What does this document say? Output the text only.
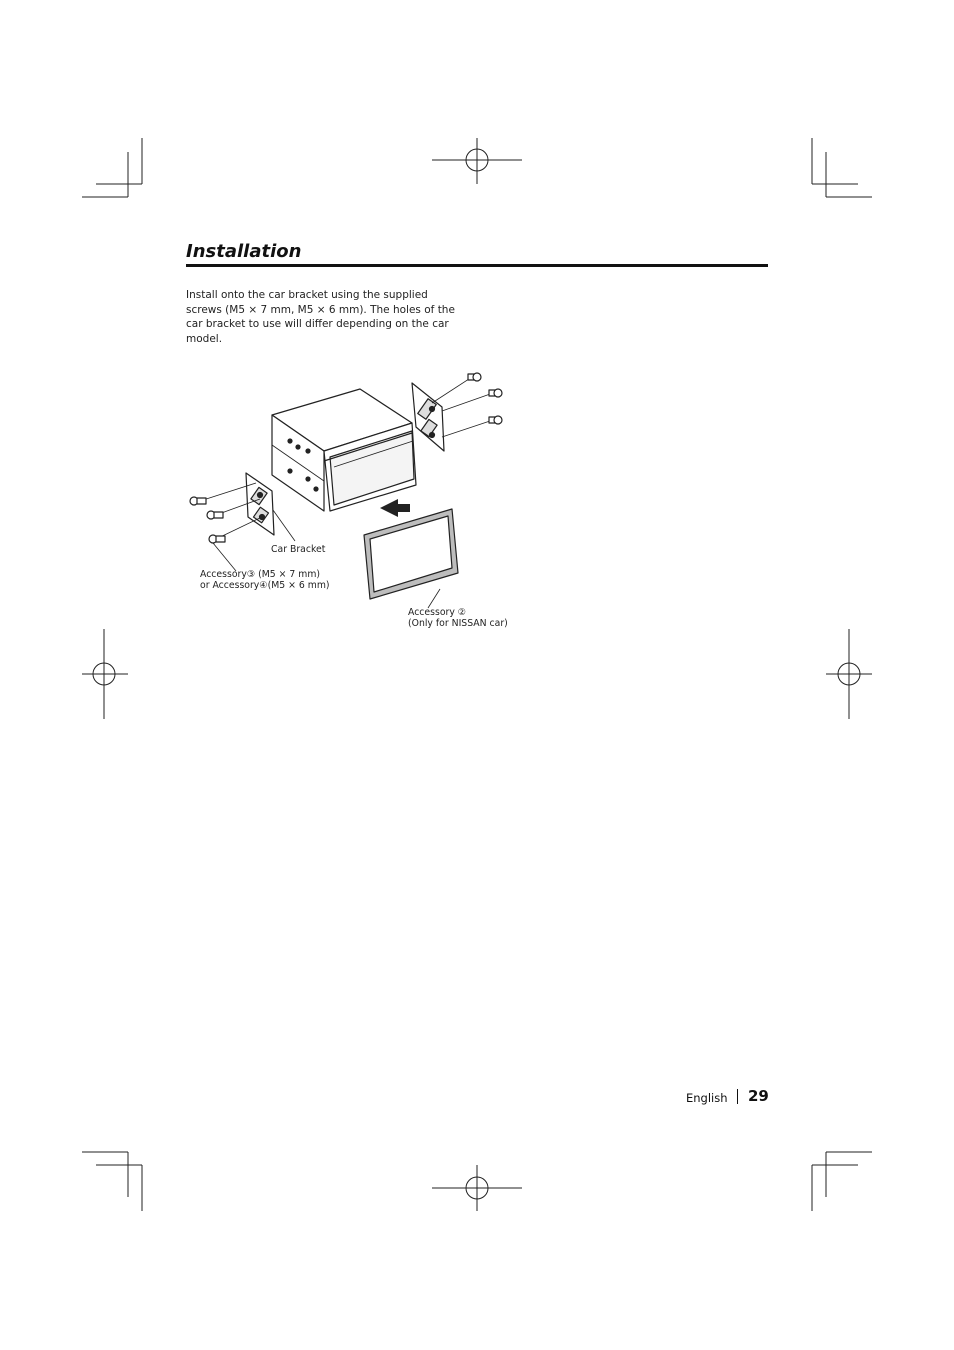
Installation

Install onto the car bracket using the supplied screws (M5 × 7 mm, M5 × 6 mm). The holes of the car bracket to use will differ depending on the car model.

Car Bracket
Accessory③ (M5 × 7 mm)
or Accessory④(M5 × 6 mm)
Accessory ②
(Only for NISSAN car)
English 29
